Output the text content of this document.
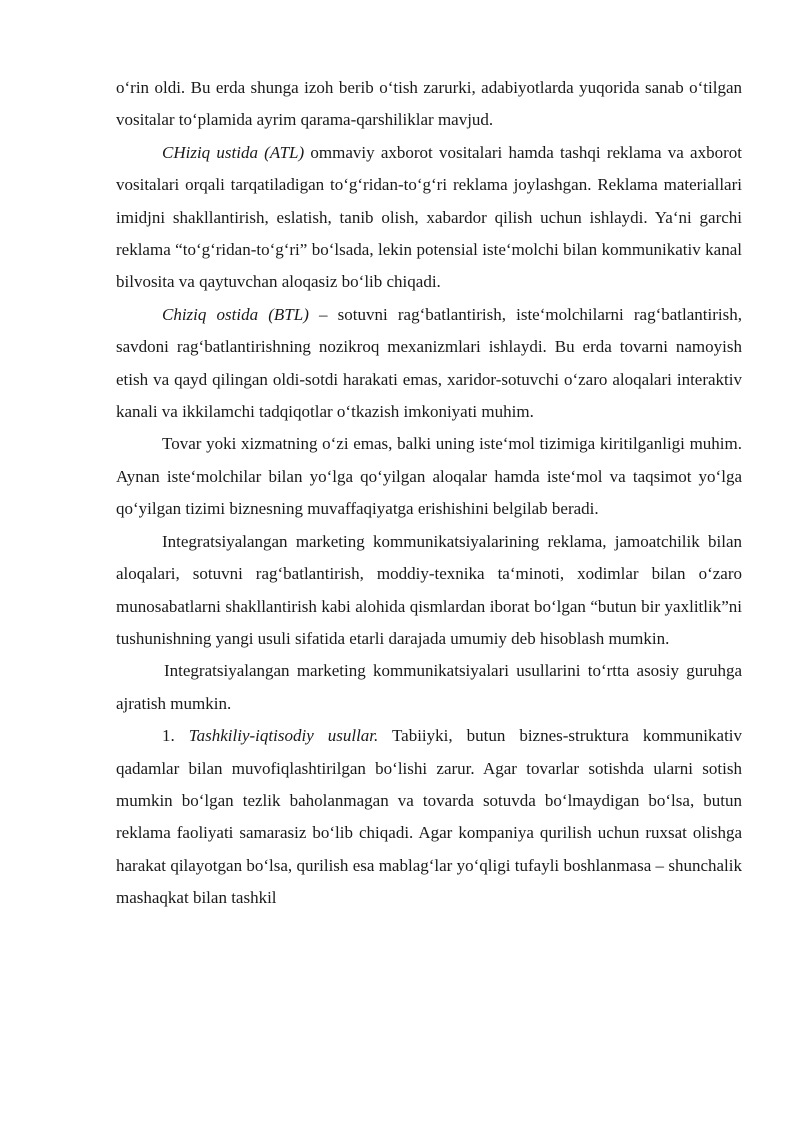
o‘rin oldi. Bu erda shunga izoh berib o‘tish zarurki, adabiyotlarda yuqorida sanab o‘tilgan vositalar to‘plamida ayrim qarama-qarshiliklar mavjud.

CHiziq ustida (ATL) ommaviy axborot vositalari hamda tashqi reklama va axborot vositalari orqali tarqatiladigan to‘g‘ridan-to‘g‘ri reklama joylashgan. Reklama materiallari imidjni shakllantirish, eslatish, tanib olish, xabardor qilish uchun ishlaydi. Ya‘ni garchi reklama “to‘g‘ridan-to‘g‘ri” bo‘lsada, lekin potensial iste‘molchi bilan kommunikativ kanal bilvosita va qaytuvchan aloqasiz bo‘lib chiqadi.

Chiziq ostida (BTL) – sotuvni rag‘batlantirish, iste‘molchilarni rag‘batlantirish, savdoni rag‘batlantirishning nozikroq mexanizmlari ishlaydi. Bu erda tovarni namoyish etish va qayd qilingan oldi-sotdi harakati emas, xaridor-sotuvchi o‘zaro aloqalari interaktiv kanali va ikkilamchi tadqiqotlar o‘tkazish imkoniyati muhim.

Tovar yoki xizmatning o‘zi emas, balki uning iste‘mol tizimiga kiritilganligi muhim. Aynan iste‘molchilar bilan yo‘lga qo‘yilgan aloqalar hamda iste‘mol va taqsimot yo‘lga qo‘yilgan tizimi biznesning muvaffaqiyatga erishishini belgilab beradi.

Integratsiyalangan marketing kommunikatsiyalarining reklama, jamoatchilik bilan aloqalari, sotuvni rag‘batlantirish, moddiy-texnika ta‘minoti, xodimlar bilan o‘zaro munosabatlarni shakllantirish kabi alohida qismlardan iborat bo‘lgan “butun bir yaxlitlik”ni tushunishning yangi usuli sifatida etarli darajada umumiy deb hisoblash mumkin.

Integratsiyalangan marketing kommunikatsiyalari usullarini to‘rtta asosiy guruhga ajratish mumkin.

1. Tashkiliy-iqtisodiy usullar. Tabiiyki, butun biznes-struktura kommunikativ qadamlar bilan muvofiqlashtirilgan bo‘lishi zarur. Agar tovarlar sotishda ularni sotish mumkin bo‘lgan tezlik baholanmagan va tovarda sotuvda bo‘lmaydigan bo‘lsa, butun reklama faoliyati samarasiz bo‘lib chiqadi. Agar kompaniya qurilish uchun ruxsat olishga harakat qilayotgan bo‘lsa, qurilish esa mablag‘lar yo‘qligi tufayli boshlanmasa – shunchalik mashaqkat bilan tashkil
